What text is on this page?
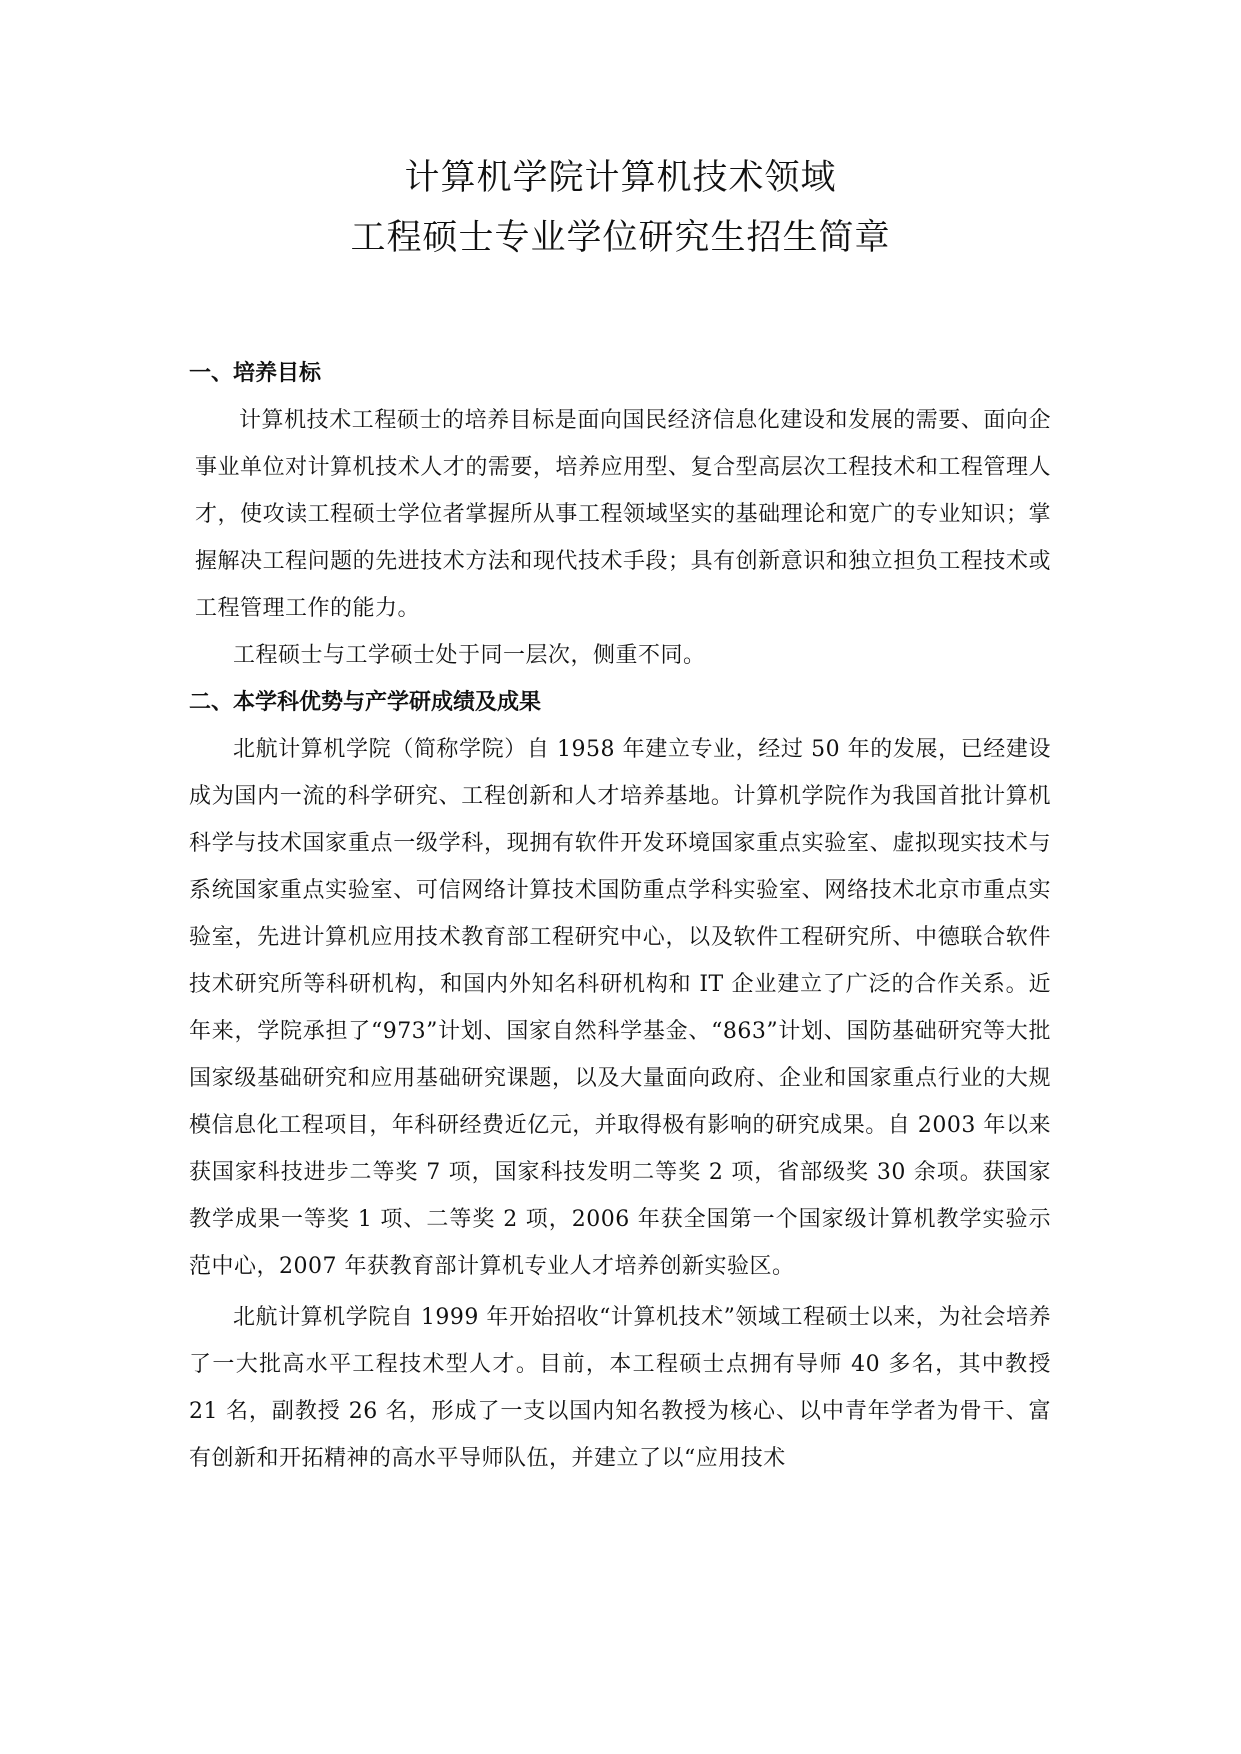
计算机学院计算机技术领域
工程硕士专业学位研究生招生简章
一、培养目标

计算机技术工程硕士的培养目标是面向国民经济信息化建设和发展的需要、面向企事业单位对计算机技术人才的需要，培养应用型、复合型高层次工程技术和工程管理人才，使攻读工程硕士学位者掌握所从事工程领域坚实的基础理论和宽广的专业知识；掌握解决工程问题的先进技术方法和现代技术手段；具有创新意识和独立担负工程技术或工程管理工作的能力。

工程硕士与工学硕士处于同一层次，侧重不同。

二、本学科优势与产学研成绩及成果

北航计算机学院（简称学院）自 1958 年建立专业，经过 50 年的发展，已经建设成为国内一流的科学研究、工程创新和人才培养基地。计算机学院作为我国首批计算机科学与技术国家重点一级学科，现拥有软件开发环境国家重点实验室、虚拟现实技术与系统国家重点实验室、可信网络计算技术国防重点学科实验室、网络技术北京市重点实验室，先进计算机应用技术教育部工程研究中心，以及软件工程研究所、中德联合软件技术研究所等科研机构，和国内外知名科研机构和 IT 企业建立了广泛的合作关系。近年来，学院承担了“973”计划、国家自然科学基金、“863”计划、国防基础研究等大批国家级基础研究和应用基础研究课题，以及大量面向政府、企业和国家重点行业的大规模信息化工程项目，年科研经费近亿元，并取得极有影响的研究成果。自 2003 年以来获国家科技进步二等奖 7 项，国家科技发明二等奖 2 项，省部级奖 30 余项。获国家教学成果一等奖 1 项、二等奖 2 项，2006 年获全国第一个国家级计算机教学实验示范中心，2007 年获教育部计算机专业人才培养创新实验区。

北航计算机学院自 1999 年开始招收“计算机技术”领域工程硕士以来，为社会培养了一大批高水平工程技术型人才。目前，本工程硕士点拥有导师 40 多名，其中教授 21 名，副教授 26 名，形成了一支以国内知名教授为核心、以中青年学者为骨干、富有创新和开拓精神的高水平导师队伍，并建立了以“应用技术
